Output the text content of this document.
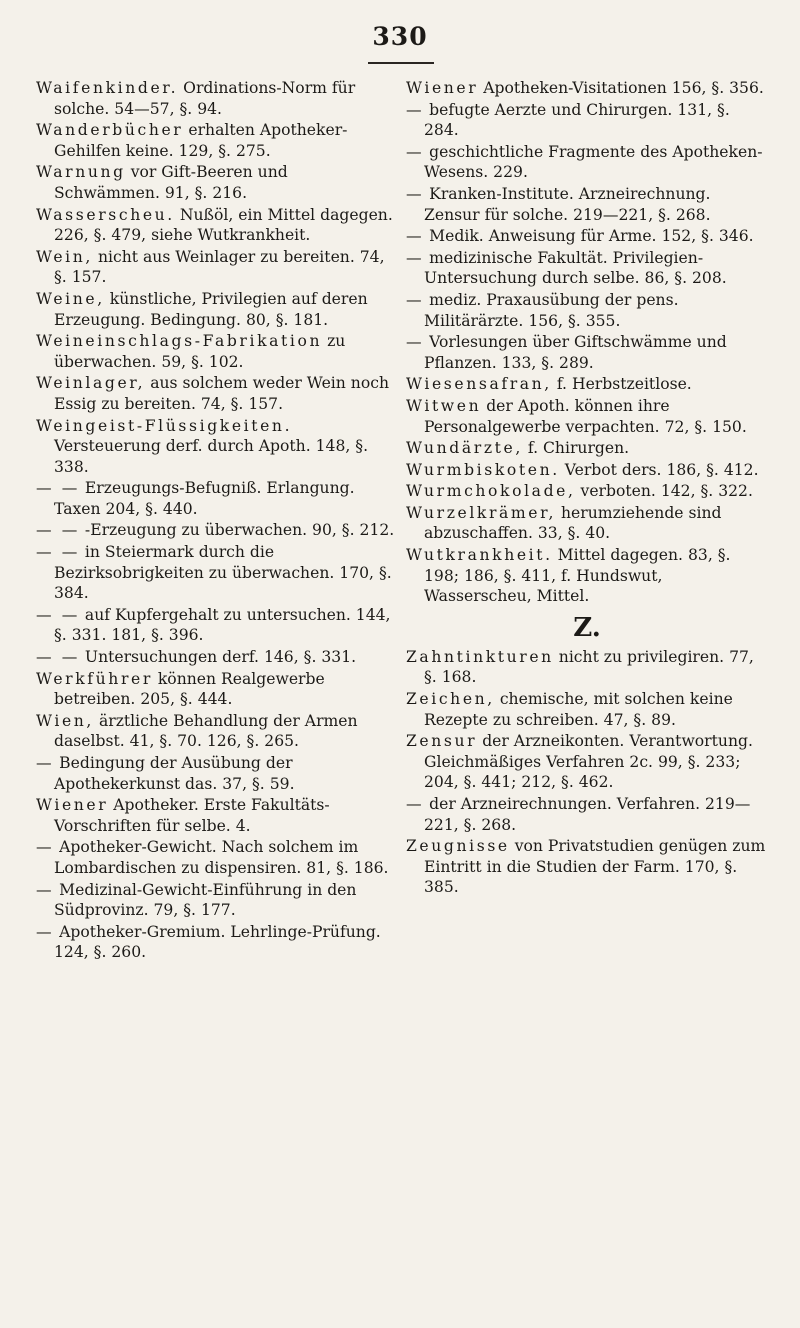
330
Waifenkinder. Ordinations-Norm für solche. 54—57, §. 94.
Wanderbücher erhalten Apotheker-Gehilfen keine. 129, §. 275.
Warnung vor Gift-Beeren und Schwämmen. 91, §. 216.
Wasserscheu. Nußöl, ein Mittel dagegen. 226, §. 479, siehe Wutkrankheit.
Wein, nicht aus Weinlager zu bereiten. 74, §. 157.
Weine, künstliche, Privilegien auf deren Erzeugung. Bedingung. 80, §. 181.
Weineinschlags-Fabrikation zu überwachen. 59, §. 102.
Weinlager, aus solchem weder Wein noch Essig zu bereiten. 74, §. 157.
Weingeist-Flüssigkeiten. Versteuerung derf. durch Apoth. 148, §. 338.
— — Erzeugungs-Befugniß. Erlangung. Taxen 204, §. 440.
— — -Erzeugung zu überwachen. 90, §. 212.
— — in Steiermark durch die Bezirksobrigkeiten zu überwachen. 170, §. 384.
— — auf Kupfergehalt zu untersuchen. 144, §. 331. 181, §. 396.
— — Untersuchungen derf. 146, §. 331.
Werkführer können Realgewerbe betreiben. 205, §. 444.
Wien, ärztliche Behandlung der Armen daselbst. 41, §. 70. 126, §. 265.
— Bedingung der Ausübung der Apothekerkunst das. 37, §. 59.
Wiener Apotheker. Erste Fakultäts-Vorschriften für selbe. 4.
— Apotheker-Gewicht. Nach solchem im Lombardischen zu dispensiren. 81, §. 186.
— Medizinal-Gewicht-Einführung in den Südprovinz. 79, §. 177.
— Apotheker-Gremium. Lehrlinge-Prüfung. 124, §. 260.
Wiener Apotheken-Visitationen 156, §. 356.
— befugte Aerzte und Chirurgen. 131, §. 284.
— geschichtliche Fragmente des Apotheken-Wesens. 229.
— Kranken-Institute. Arzneirechnung. Zensur für solche. 219—221, §. 268.
— Medik. Anweisung für Arme. 152, §. 346.
— medizinische Fakultät. Privilegien-Untersuchung durch selbe. 86, §. 208.
— mediz. Praxausübung der pens. Militärärzte. 156, §. 355.
— Vorlesungen über Giftschwämme und Pflanzen. 133, §. 289.
Wiesensafran, f. Herbstzeitlose.
Witwen der Apoth. können ihre Personalgewerbe verpachten. 72, §. 150.
Wundärzte, f. Chirurgen.
Wurmbiskoten. Verbot ders. 186, §. 412.
Wurmchokolade, verboten. 142, §. 322.
Wurzelkrämer, herumziehende sind abzuschaffen. 33, §. 40.
Wutkrankheit. Mittel dagegen. 83, §. 198; 186, §. 411, f. Hundswut, Wasserscheu, Mittel.
Z.
Zahntinkturen nicht zu privilegiren. 77, §. 168.
Zeichen, chemische, mit solchen keine Rezepte zu schreiben. 47, §. 89.
Zensur der Arzneikonten. Verantwortung. Gleichmäßiges Verfahren 2c. 99, §. 233; 204, §. 441; 212, §. 462.
— der Arzneirechnungen. Verfahren. 219—221, §. 268.
Zeugnisse von Privatstudien genügen zum Eintritt in die Studien der Farm. 170, §. 385.
